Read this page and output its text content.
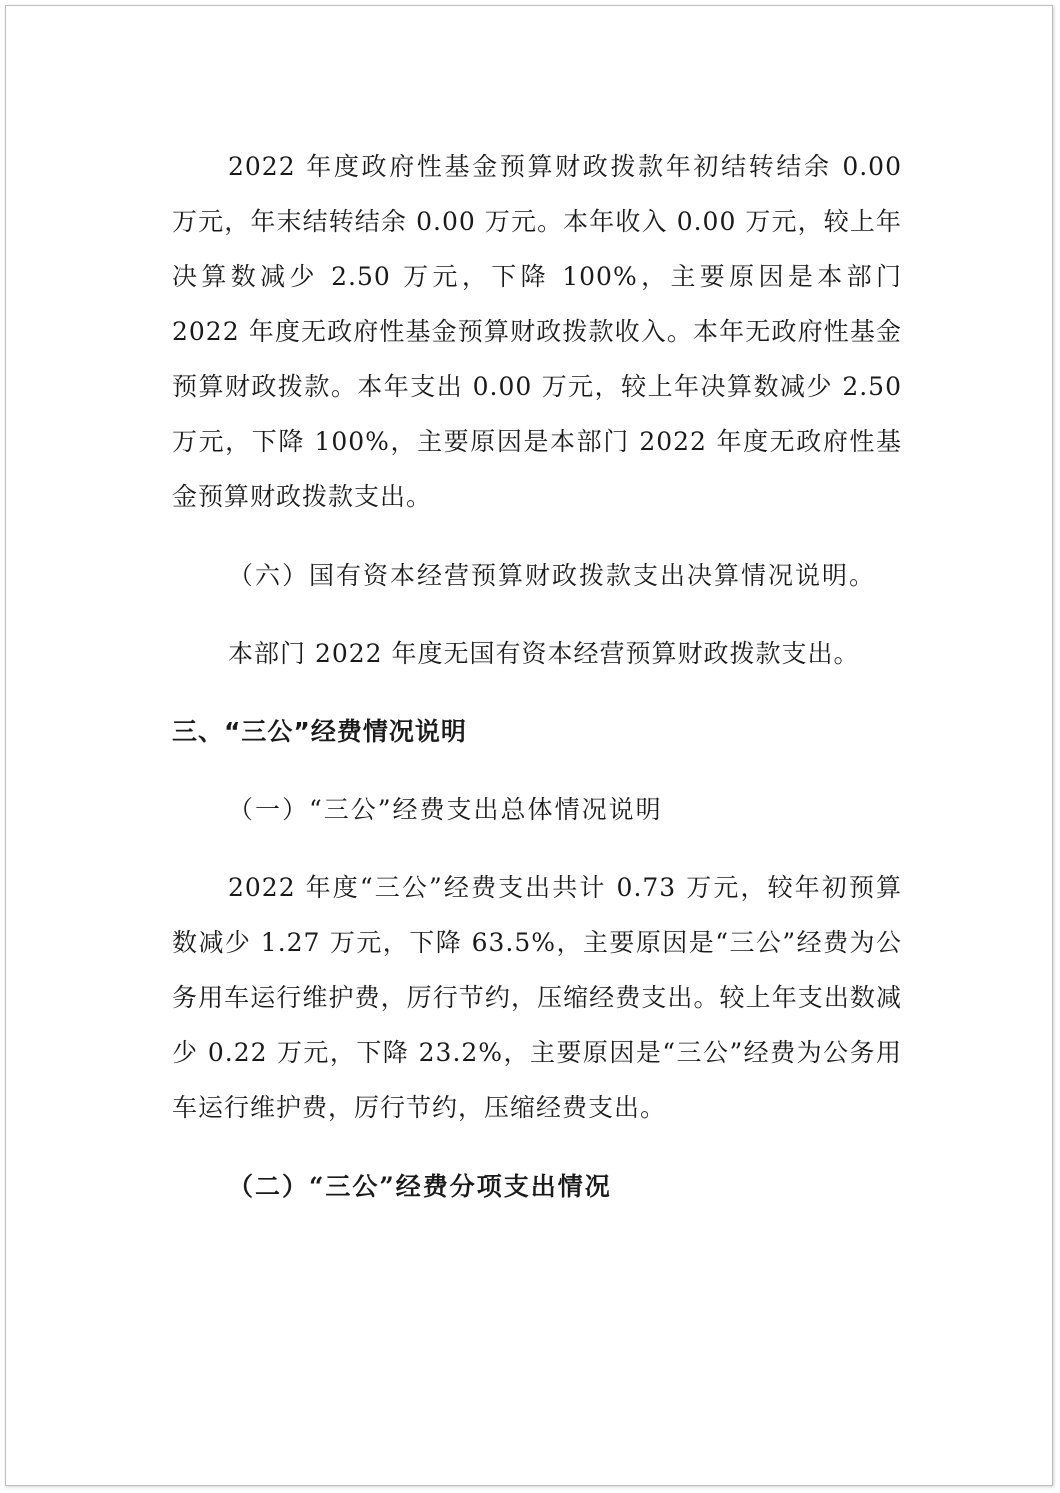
2022 年度政府性基金预算财政拨款年初结转结余 0.00 万元，年末结转结余 0.00 万元。本年收入 0.00 万元，较上年决算数减少 2.50 万元，下降 100%，主要原因是本部门 2022 年度无政府性基金预算财政拨款收入。本年无政府性基金预算财政拨款。本年支出 0.00 万元，较上年决算数减少 2.50 万元，下降 100%，主要原因是本部门 2022 年度无政府性基金预算财政拨款支出。

（六）国有资本经营预算财政拨款支出决算情况说明。

本部门 2022 年度无国有资本经营预算财政拨款支出。

三、“三公”经费情况说明

（一）“三公”经费支出总体情况说明

2022 年度“三公”经费支出共计 0.73 万元，较年初预算数减少 1.27 万元，下降 63.5%，主要原因是“三公”经费为公务用车运行维护费，厉行节约，压缩经费支出。较上年支出数减少 0.22 万元，下降 23.2%，主要原因是“三公”经费为公务用车运行维护费，厉行节约，压缩经费支出。

（二）“三公”经费分项支出情况
